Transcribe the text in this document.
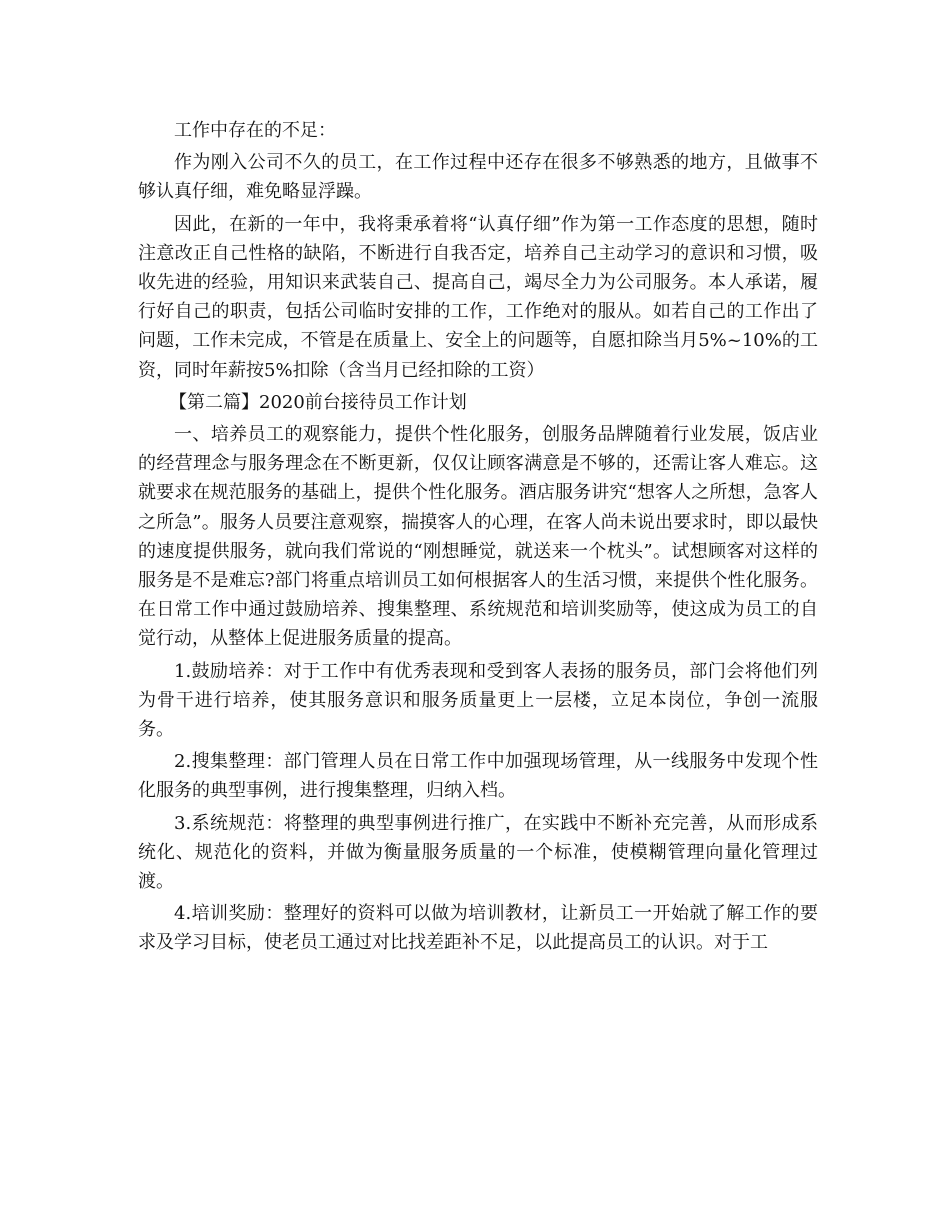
工作中存在的不足：

作为刚入公司不久的员工，在工作过程中还存在很多不够熟悉的地方，且做事不够认真仔细，难免略显浮躁。

因此，在新的一年中，我将秉承着将“认真仔细”作为第一工作态度的思想，随时注意改正自己性格的缺陷，不断进行自我否定，培养自己主动学习的意识和习惯，吸收先进的经验，用知识来武装自己、提高自己，竭尽全力为公司服务。本人承诺，履行好自己的职责，包括公司临时安排的工作，工作绝对的服从。如若自己的工作出了问题，工作未完成，不管是在质量上、安全上的问题等，自愿扣除当月5%~10%的工资，同时年薪按5%扣除（含当月已经扣除的工资）

【第二篇】2020前台接待员工作计划

一、培养员工的观察能力，提供个性化服务，创服务品牌随着行业发展，饭店业的经营理念与服务理念在不断更新，仅仅让顾客满意是不够的，还需让客人难忘。这就要求在规范服务的基础上，提供个性化服务。酒店服务讲究“想客人之所想，急客人之所急”。服务人员要注意观察，揣摸客人的心理，在客人尚未说出要求时，即以最快的速度提供服务，就向我们常说的“刚想睡觉，就送来一个枕头”。试想顾客对这样的服务是不是难忘?部门将重点培训员工如何根据客人的生活习惯，来提供个性化服务。在日常工作中通过鼓励培养、搜集整理、系统规范和培训奖励等，使这成为员工的自觉行动，从整体上促进服务质量的提高。

1.鼓励培养：对于工作中有优秀表现和受到客人表扬的服务员，部门会将他们列为骨干进行培养，使其服务意识和服务质量更上一层楼，立足本岗位，争创一流服务。

2.搜集整理：部门管理人员在日常工作中加强现场管理，从一线服务中发现个性化服务的典型事例，进行搜集整理，归纳入档。

3.系统规范：将整理的典型事例进行推广，在实践中不断补充完善，从而形成系统化、规范化的资料，并做为衡量服务质量的一个标准，使模糊管理向量化管理过渡。

4.培训奖励：整理好的资料可以做为培训教材，让新员工一开始就了解工作的要求及学习目标，使老员工通过对比找差距补不足，以此提高员工的认识。对于工
